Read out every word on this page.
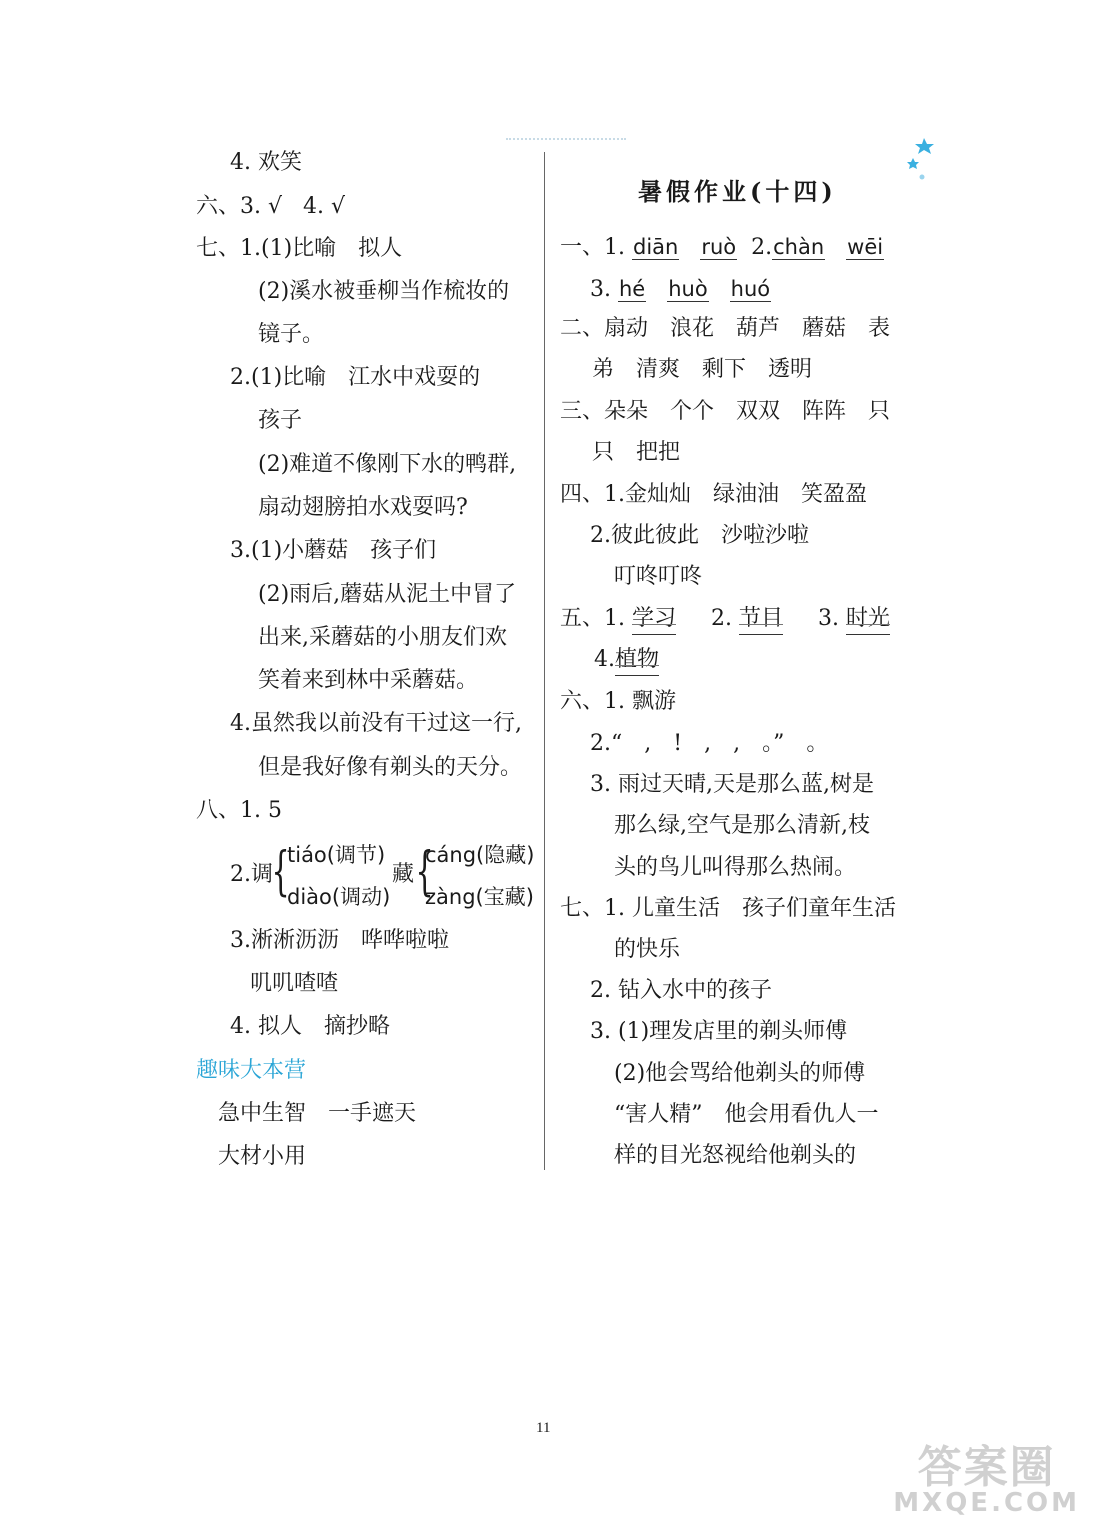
暑假作业(十四)
4. 欢笑
六、3. √ 4. √
七、1.(1)比喻　拟人
(2)溪水被垂柳当作梳妆的
镜子。
2.(1)比喻　江水中戏耍的
孩子
(2)难道不像刚下水的鸭群,
扇动翅膀拍水戏耍吗?
3.(1)小蘑菇　孩子们
(2)雨后,蘑菇从泥土中冒了
出来,采蘑菇的小朋友们欢
笑着来到林中采蘑菇。
4.虽然我以前没有干过这一行,
但是我好像有剃头的天分。
八、1. 5
2.调
{
tiáo(调节)
diào(调动)
藏 {
cáng(隐藏)
zàng(宝藏)
3.淅淅沥沥　哗哗啦啦
叽叽喳喳
4. 拟人　摘抄略
趣味大本营
急中生智　一手遮天
大材小用
一、1. diān ruò 2.chàn wēi
3. hé huò huó
二、扇动　浪花　葫芦　蘑菇　表
弟　清爽　剩下　透明
三、朵朵　个个　双双　阵阵　只
只　把把
四、1.金灿灿　绿油油　笑盈盈
2.彼此彼此　沙啦沙啦
叮咚叮咚
五、1. 学习 2. 节目 3. 时光
4.植物
六、1. 飘游
2.“　,　!　,　,　。”　。
3. 雨过天晴,天是那么蓝,树是
那么绿,空气是那么清新,枝
头的鸟儿叫得那么热闹。
七、1. 儿童生活　孩子们童年生活
的快乐
2. 钻入水中的孩子
3. (1)理发店里的剃头师傅
(2)他会骂给他剃头的师傅
“害人精”　他会用看仇人一
样的目光怒视给他剃头的
11
答案圈
MXQE.COM
